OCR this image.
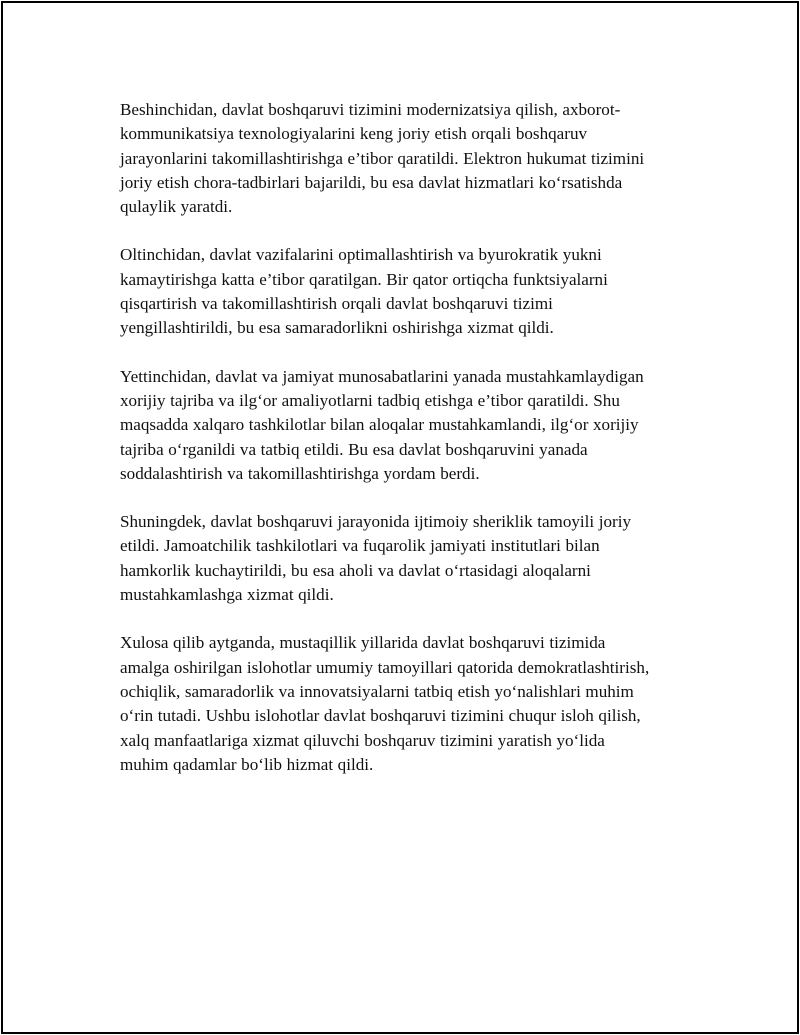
Beshinchidan, davlat boshqaruvi tizimini modernizatsiya qilish, axborot-
kommunikatsiya texnologiyalarini keng joriy etish orqali boshqaruv
jarayonlarini takomillashtirishga e’tibor qaratildi. Elektron hukumat tizimini
joriy etish chora-tadbirlari bajarildi, bu esa davlat hizmatlari ko‘rsatishda
qulaylik yaratdi.

Oltinchidan, davlat vazifalarini optimallashtirish va byurokratik yukni
kamaytirishga katta e’tibor qaratilgan. Bir qator ortiqcha funktsiyalarni
qisqartirish va takomillashtirish orqali davlat boshqaruvi tizimi
yengillashtirildi, bu esa samaradorlikni oshirishga xizmat qildi.

Yettinchidan, davlat va jamiyat munosabatlarini yanada mustahkamlaydigan
xorijiy tajriba va ilg‘or amaliyotlarni tadbiq etishga e’tibor qaratildi. Shu
maqsadda xalqaro tashkilotlar bilan aloqalar mustahkamlandi, ilg‘or xorijiy
tajriba o‘rganildi va tatbiq etildi. Bu esa davlat boshqaruvini yanada
soddalashtirish va takomillashtirishga yordam berdi.

Shuningdek, davlat boshqaruvi jarayonida ijtimoiy sheriklik tamoyili joriy
etildi. Jamoatchilik tashkilotlari va fuqarolik jamiyati institutlari bilan
hamkorlik kuchaytirildi, bu esa aholi va davlat o‘rtasidagi aloqalarni
mustahkamlashga xizmat qildi.

Xulosa qilib aytganda, mustaqillik yillarida davlat boshqaruvi tizimida
amalga oshirilgan islohotlar umumiy tamoyillari qatorida demokratlashtirish,
ochiqlik, samaradorlik va innovatsiyalarni tatbiq etish yo‘nalishlari muhim
o‘rin tutadi. Ushbu islohotlar davlat boshqaruvi tizimini chuqur isloh qilish,
xalq manfaatlariga xizmat qiluvchi boshqaruv tizimini yaratish yo‘lida
muhim qadamlar bo‘lib hizmat qildi.
